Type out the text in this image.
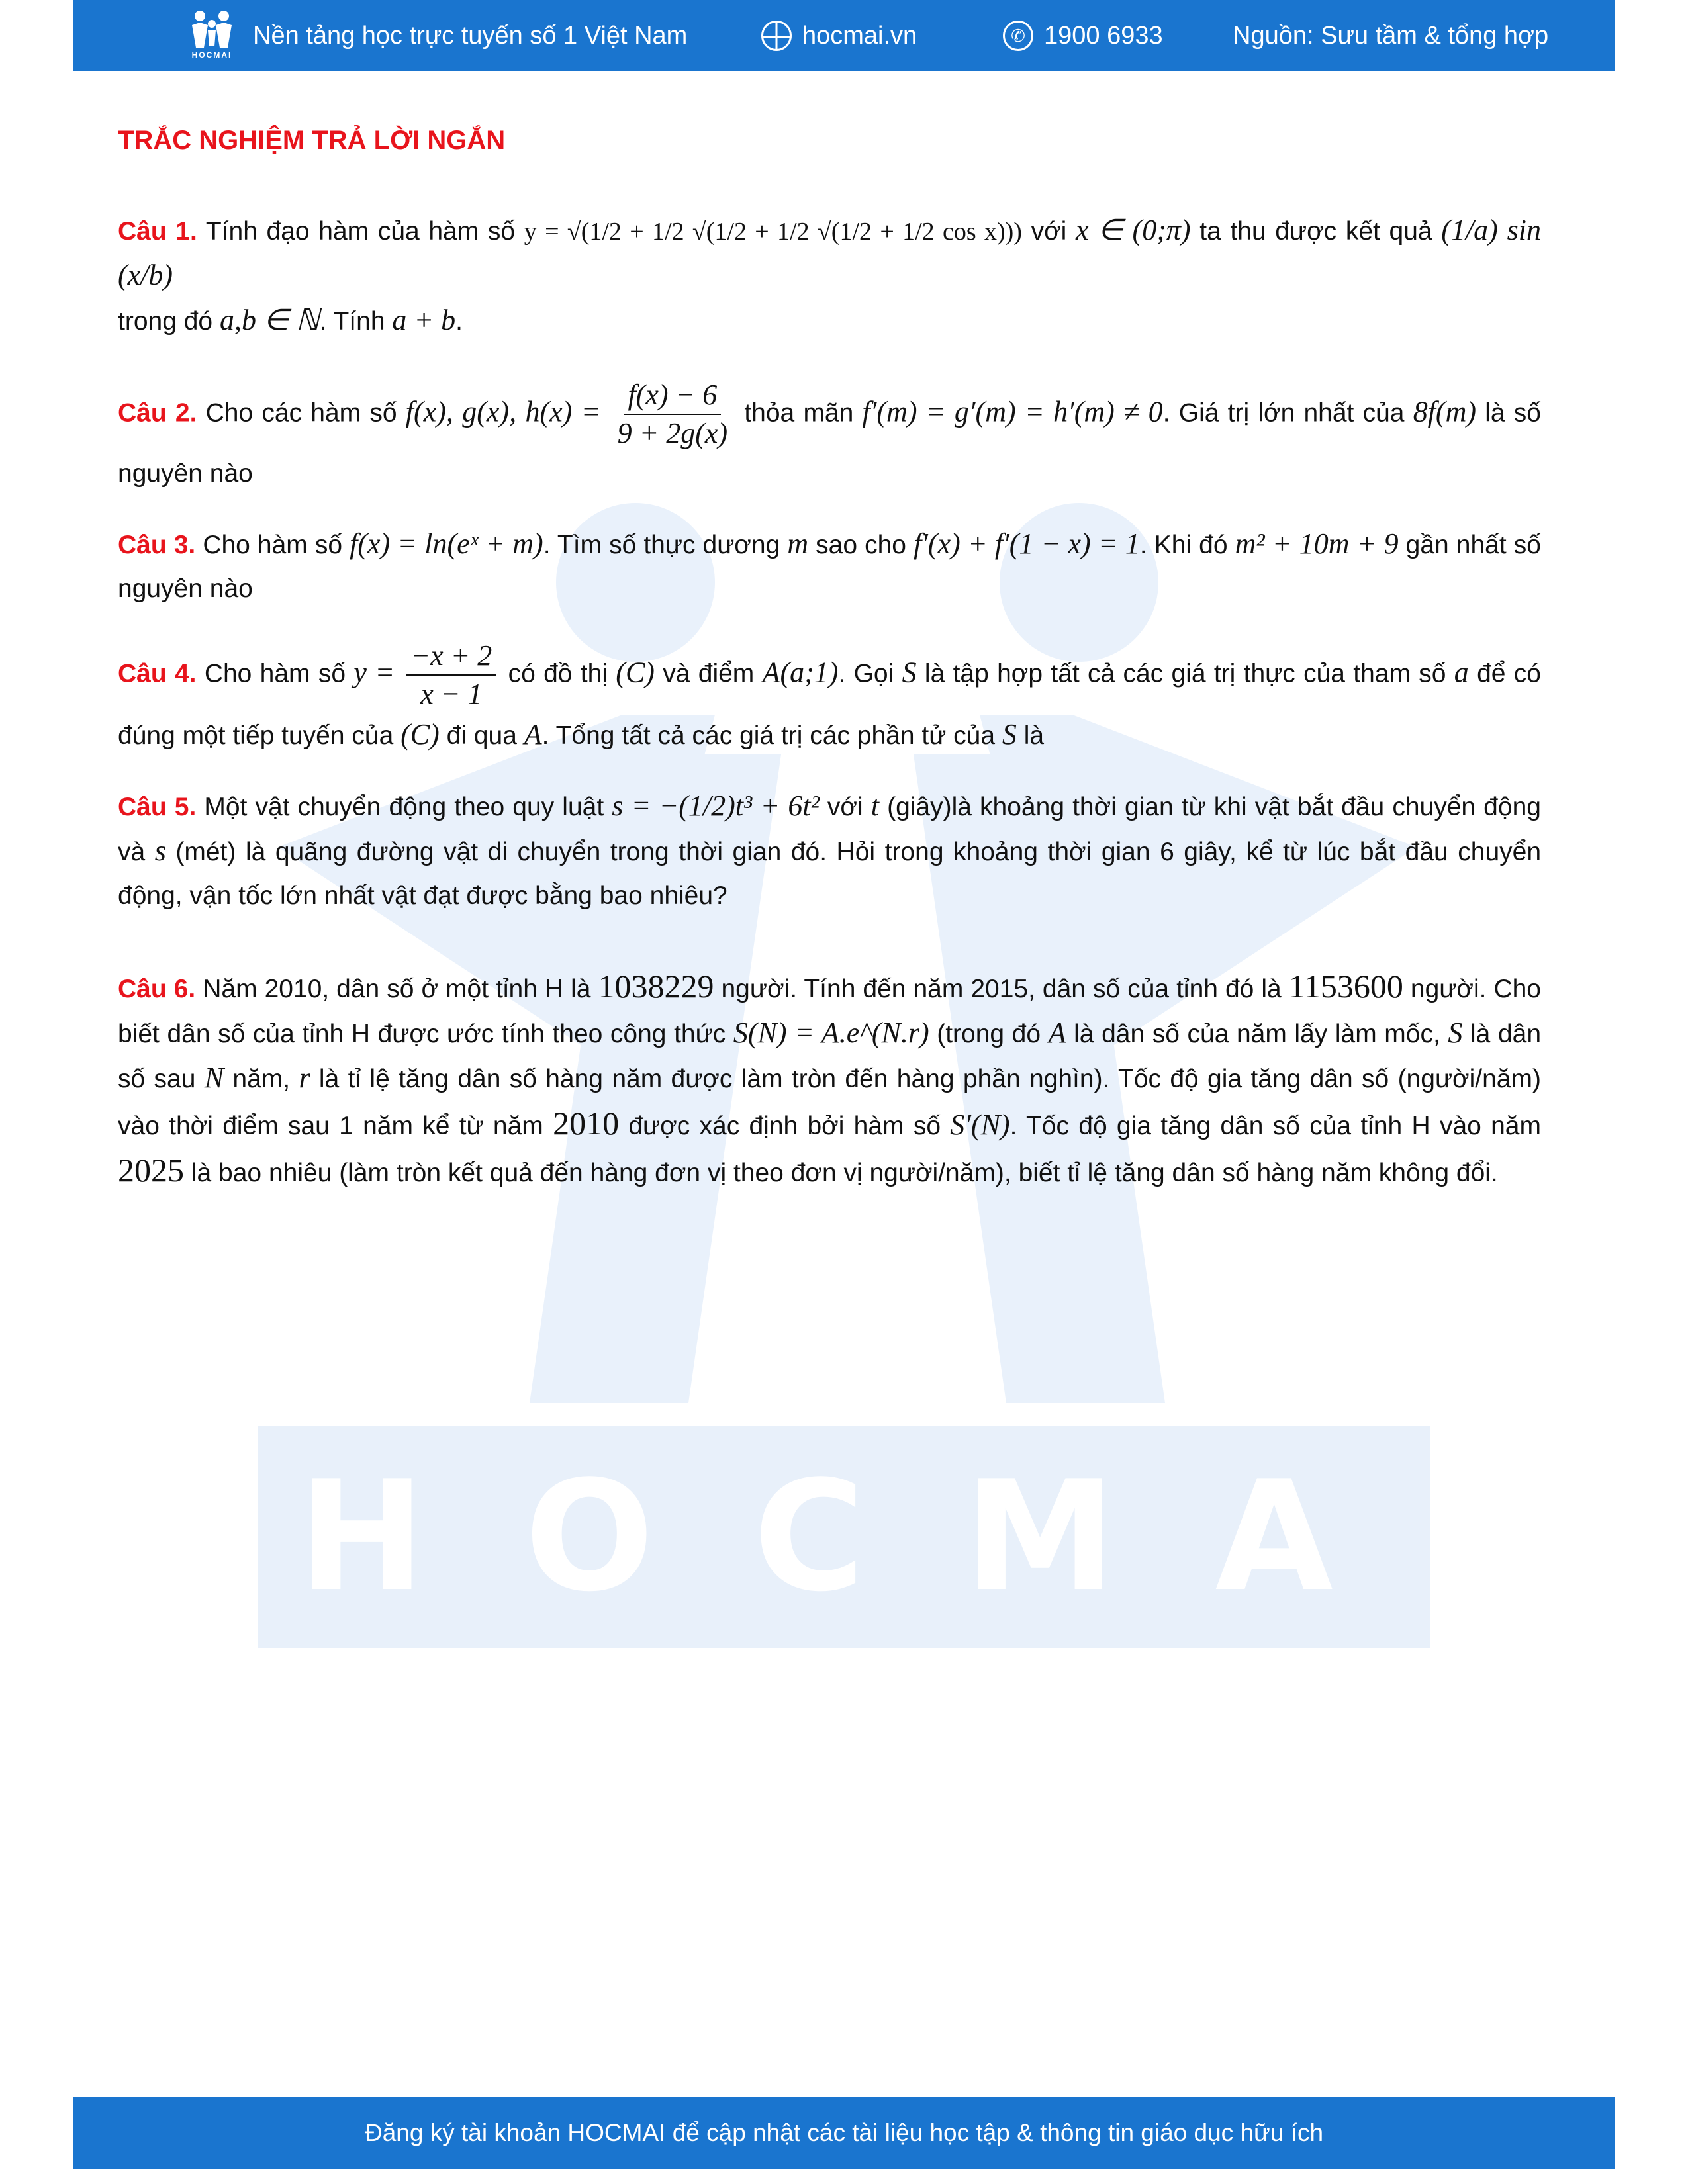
HOCMAI
Nền tảng học trực tuyến số 1 Việt Nam	hocmai.vn	✆ 1900 6933	Nguồn: Sưu tầm & tổng hợp
HOCMAI
TRẮC NGHIỆM TRẢ LỜI NGẮN
Câu 1. Tính đạo hàm của hàm số y = √(1/2 + 1/2 √(1/2 + 1/2 √(1/2 + 1/2 cos x))) với x ∈ (0;π) ta thu được kết quả (1/a) sin (x/b)
trong đó a,b ∈ ℕ. Tính a + b.
Câu 2. Cho các hàm số f(x), g(x), $h(x) = \frac{f(x) - 6}{9 + 2g(x)}$ thỏa mãn f′(m) = g′(m) = h′(m) ≠ 0. Giá trị lớn nhất của 8f(m) là số nguyên nào
Câu 3. Cho hàm số f(x) = ln(eˣ + m). Tìm số thực dương m sao cho f′(x) + f′(1 − x) = 1. Khi đó m² + 10m + 9 gần nhất số nguyên nào
Câu 4. Cho hàm số $y = \frac{-x + 2}{x - 1}$ có đồ thị (C) và điểm A(a;1). Gọi S là tập hợp tất cả các giá trị thực của tham số a để có đúng một tiếp tuyến của (C) đi qua A. Tổng tất cả các giá trị các phần tử của S là
Câu 5. Một vật chuyển động theo quy luật s = −(1/2)t³ + 6t² với t (giây)là khoảng thời gian từ khi vật bắt đầu chuyển động và s (mét) là quãng đường vật di chuyển trong thời gian đó. Hỏi trong khoảng thời gian 6 giây, kể từ lúc bắt đầu chuyển động, vận tốc lớn nhất vật đạt được bằng bao nhiêu?
Câu 6. Năm 2010, dân số ở một tỉnh H là 1038229 người. Tính đến năm 2015, dân số của tỉnh đó là 1153600 người. Cho biết dân số của tỉnh H được ước tính theo công thức S(N) = A.e^(N.r) (trong đó A là dân số của năm lấy làm mốc, S là dân số sau N năm, r là tỉ lệ tăng dân số hàng năm được làm tròn đến hàng phần nghìn). Tốc độ gia tăng dân số (người/năm) vào thời điểm sau 1 năm kể từ năm 2010 được xác định bởi hàm số S′(N). Tốc độ gia tăng dân số của tỉnh H vào năm 2025 là bao nhiêu (làm tròn kết quả đến hàng đơn vị theo đơn vị người/năm), biết tỉ lệ tăng dân số hàng năm không đổi.
Đăng ký tài khoản HOCMAI để cập nhật các tài liệu học tập & thông tin giáo dục hữu ích
